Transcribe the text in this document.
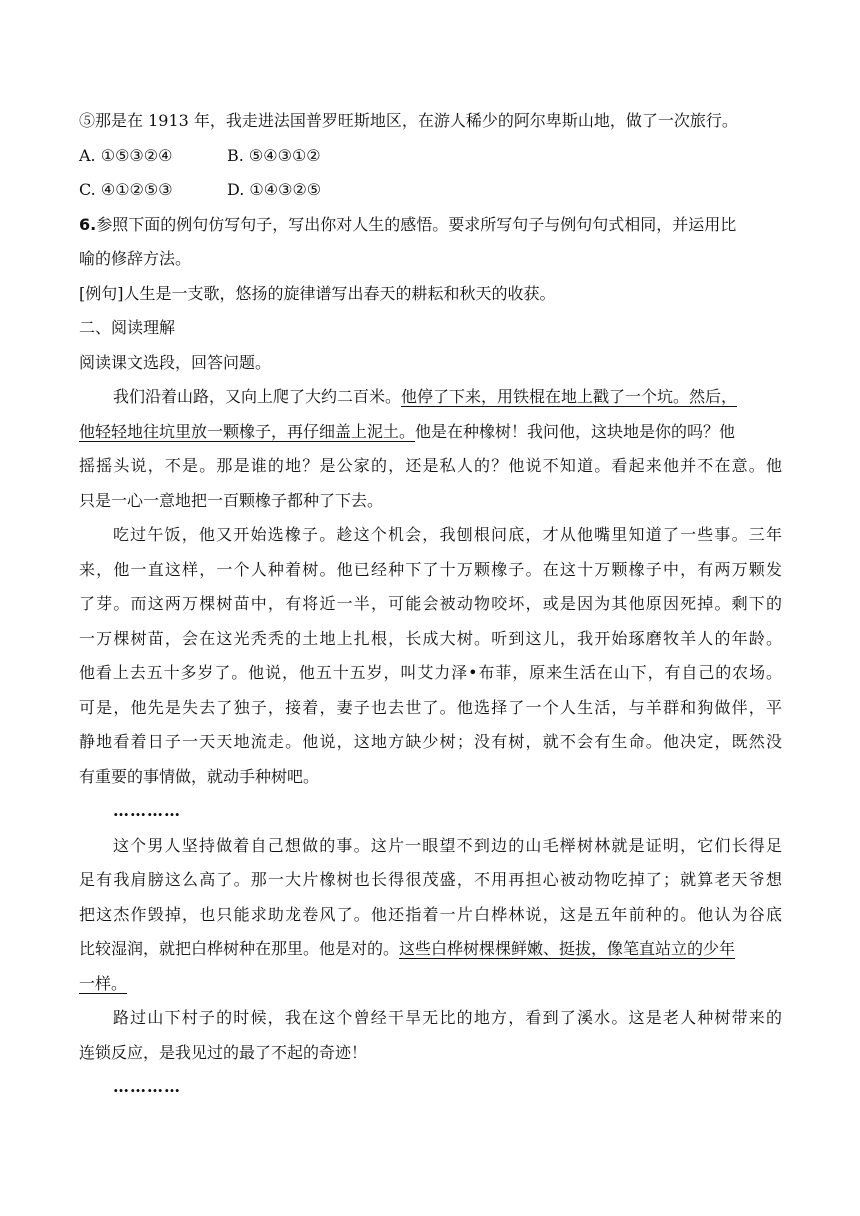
⑤那是在 1913 年，我走进法国普罗旺斯地区，在游人稀少的阿尔卑斯山地，做了一次旅行。
A. ①⑤③②④	B. ⑤④③①②
C. ④①②⑤③	D. ①④③②⑤
6.参照下面的例句仿写句子，写出你对人生的感悟。要求所写句子与例句句式相同，并运用比
喻的修辞方法。
[例句]人生是一支歌，悠扬的旋律谱写出春天的耕耘和秋天的收获。
二、阅读理解
阅读课文选段，回答问题。
我们沿着山路，又向上爬了大约二百米。他停了下来，用铁棍在地上戳了一个坑。然后，
他轻轻地往坑里放一颗橡子，再仔细盖上泥土。他是在种橡树！我问他，这块地是你的吗？他
摇摇头说，不是。那是谁的地？是公家的，还是私人的？他说不知道。看起来他并不在意。他
只是一心一意地把一百颗橡子都种了下去。
吃过午饭，他又开始选橡子。趁这个机会，我刨根问底，才从他嘴里知道了一些事。三年
来，他一直这样，一个人种着树。他已经种下了十万颗橡子。在这十万颗橡子中，有两万颗发
了芽。而这两万棵树苗中，有将近一半，可能会被动物咬坏，或是因为其他原因死掉。剩下的
一万棵树苗，会在这光秃秃的土地上扎根，长成大树。听到这儿，我开始琢磨牧羊人的年龄。
他看上去五十多岁了。他说，他五十五岁，叫艾力泽•布菲，原来生活在山下，有自己的农场。
可是，他先是失去了独子，接着，妻子也去世了。他选择了一个人生活，与羊群和狗做伴，平
静地看着日子一天天地流走。他说，这地方缺少树；没有树，就不会有生命。他决定，既然没
有重要的事情做，就动手种树吧。
…………
这个男人坚持做着自己想做的事。这片一眼望不到边的山毛榉树林就是证明，它们长得足
足有我肩膀这么高了。那一大片橡树也长得很茂盛，不用再担心被动物吃掉了；就算老天爷想
把这杰作毁掉，也只能求助龙卷风了。他还指着一片白桦林说，这是五年前种的。他认为谷底
比较湿润，就把白桦树种在那里。他是对的。这些白桦树棵棵鲜嫩、挺拔，像笔直站立的少年
一样。
路过山下村子的时候，我在这个曾经干旱无比的地方，看到了溪水。这是老人种树带来的
连锁反应，是我见过的最了不起的奇迹！
…………
